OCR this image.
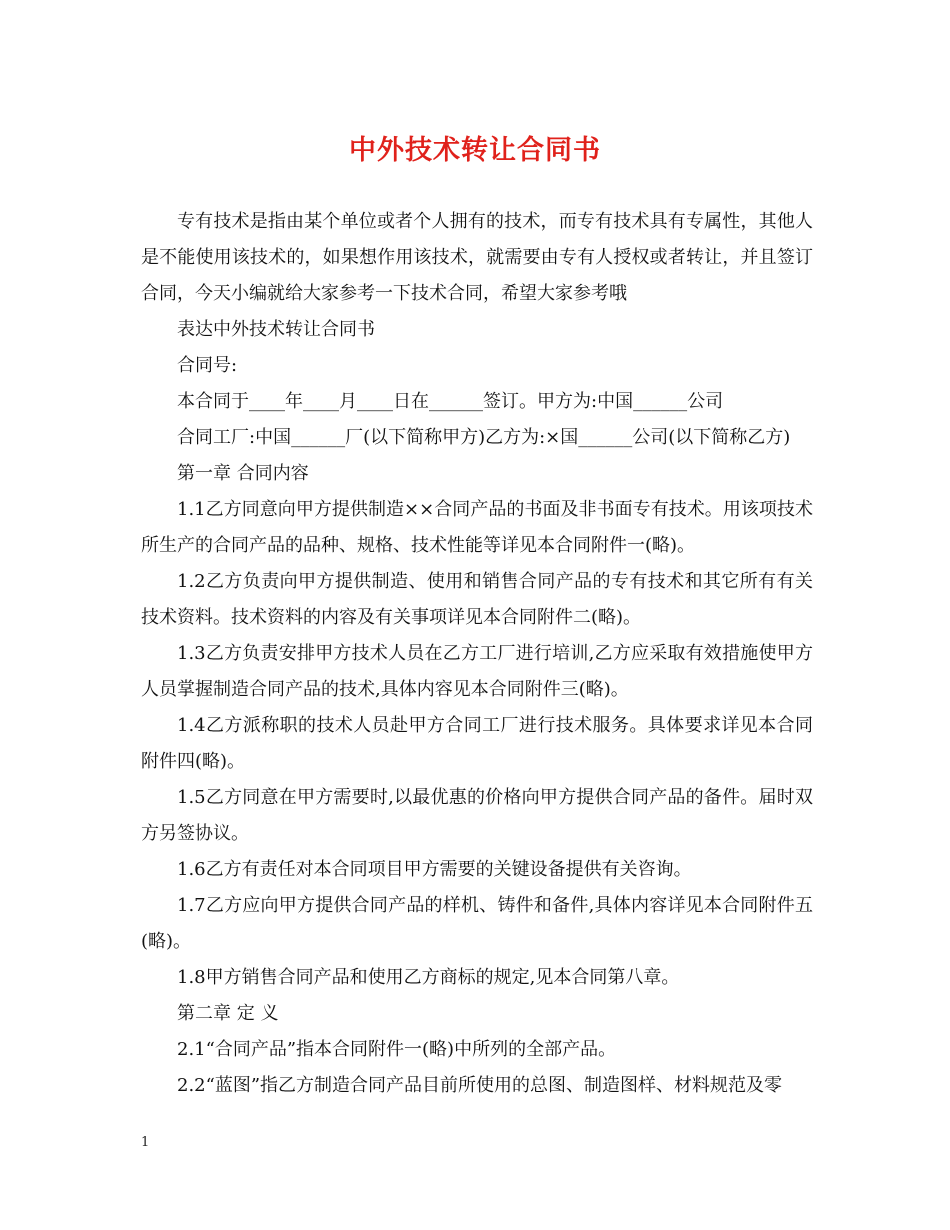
中外技术转让合同书

专有技术是指由某个单位或者个人拥有的技术，而专有技术具有专属性，其他人是不能使用该技术的，如果想作用该技术，就需要由专有人授权或者转让，并且签订合同，今天小编就给大家参考一下技术合同，希望大家参考哦

表达中外技术转让合同书

合同号:

本合同于____年____月____日在______签订。甲方为:中国______公司

合同工厂:中国______厂(以下简称甲方)乙方为:×国______公司(以下简称乙方)

第一章 合同内容

1.1乙方同意向甲方提供制造××合同产品的书面及非书面专有技术。用该项技术所生产的合同产品的品种、规格、技术性能等详见本合同附件一(略)。

1.2乙方负责向甲方提供制造、使用和销售合同产品的专有技术和其它所有有关技术资料。技术资料的内容及有关事项详见本合同附件二(略)。

1.3乙方负责安排甲方技术人员在乙方工厂进行培训,乙方应采取有效措施使甲方人员掌握制造合同产品的技术,具体内容见本合同附件三(略)。

1.4乙方派称职的技术人员赴甲方合同工厂进行技术服务。具体要求详见本合同附件四(略)。

1.5乙方同意在甲方需要时,以最优惠的价格向甲方提供合同产品的备件。届时双方另签协议。

1.6乙方有责任对本合同项目甲方需要的关键设备提供有关咨询。

1.7乙方应向甲方提供合同产品的样机、铸件和备件,具体内容详见本合同附件五(略)。

1.8甲方销售合同产品和使用乙方商标的规定,见本合同第八章。

第二章 定 义

2.1“合同产品”指本合同附件一(略)中所列的全部产品。

2.2“蓝图”指乙方制造合同产品目前所使用的总图、制造图样、材料规范及零

1
